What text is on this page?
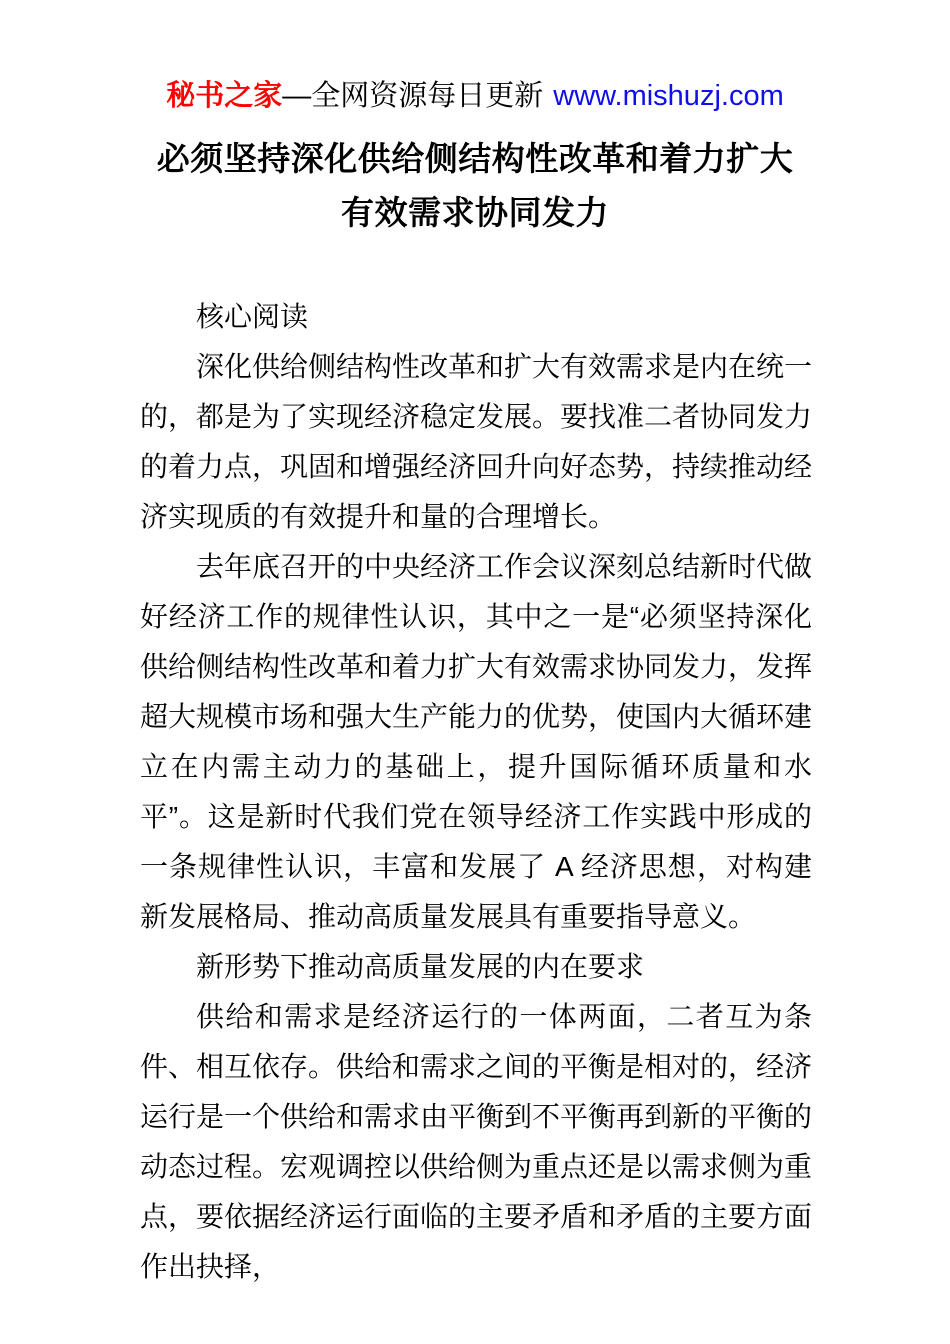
秘书之家—全网资源每日更新 www.mishuzj.com
必须坚持深化供给侧结构性改革和着力扩大
有效需求协同发力

核心阅读

深化供给侧结构性改革和扩大有效需求是内在统一的，都是为了实现经济稳定发展。要找准二者协同发力的着力点，巩固和增强经济回升向好态势，持续推动经济实现质的有效提升和量的合理增长。

去年底召开的中央经济工作会议深刻总结新时代做好经济工作的规律性认识，其中之一是“必须坚持深化供给侧结构性改革和着力扩大有效需求协同发力，发挥超大规模市场和强大生产能力的优势，使国内大循环建立在内需主动力的基础上，提升国际循环质量和水平”。这是新时代我们党在领导经济工作实践中形成的一条规律性认识，丰富和发展了 A 经济思想，对构建新发展格局、推动高质量发展具有重要指导意义。

新形势下推动高质量发展的内在要求

供给和需求是经济运行的一体两面，二者互为条件、相互依存。供给和需求之间的平衡是相对的，经济运行是一个供给和需求由平衡到不平衡再到新的平衡的动态过程。宏观调控以供给侧为重点还是以需求侧为重点，要依据经济运行面临的主要矛盾和矛盾的主要方面作出抉择，
